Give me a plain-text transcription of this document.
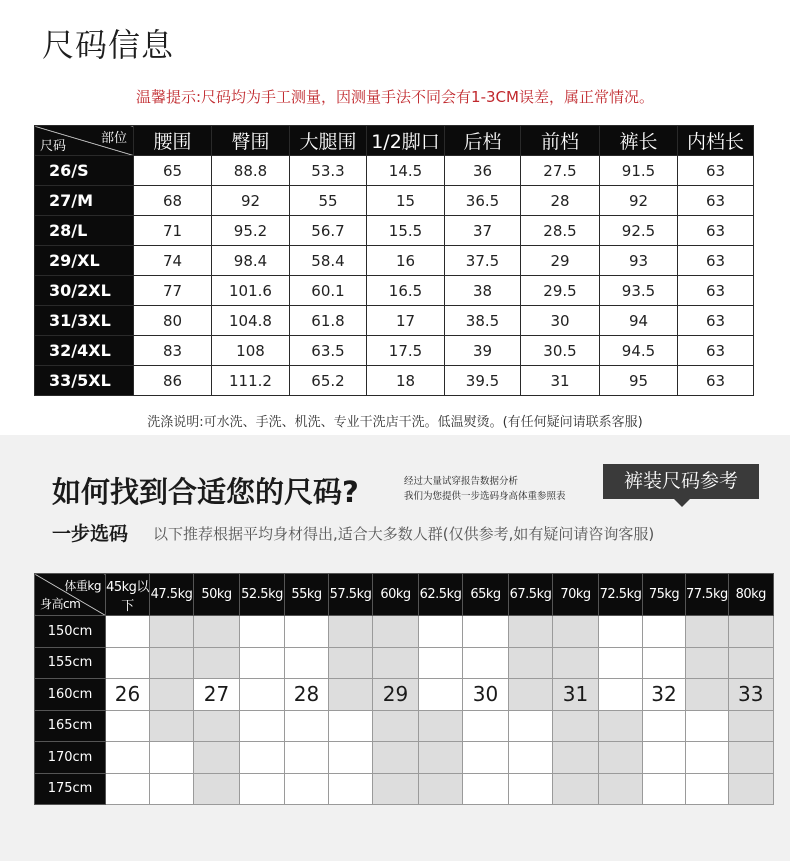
尺码信息
温馨提示:尺码均为手工测量，因测量手法不同会有1-3CM误差，属正常情况。
部位
尺码	腰围	臀围	大腿围	1/2脚口	后档	前档	裤长	内档长
26/S	65	88.8	53.3	14.5	36	27.5	91.5	63
27/M	68	92	55	15	36.5	28	92	63
28/L	71	95.2	56.7	15.5	37	28.5	92.5	63
29/XL	74	98.4	58.4	16	37.5	29	93	63
30/2XL	77	101.6	60.1	16.5	38	29.5	93.5	63
31/3XL	80	104.8	61.8	17	38.5	30	94	63
32/4XL	83	108	63.5	17.5	39	30.5	94.5	63
33/5XL	86	111.2	65.2	18	39.5	31	95	63
洗涤说明:可水洗、手洗、机洗、专业干洗店干洗。低温熨烫。(有任何疑问请联系客服)
如何找到合适您的尺码?	经过大量试穿报告数据分析
我们为您提供一步选码身高体重参照表
裤装尺码参考
一步选码 以下推荐根据平均身材得出,适合大多数人群(仅供参考,如有疑问请咨询客服)
体重kg
身高cm	45kg以下	47.5kg	50kg	52.5kg	55kg	57.5kg	60kg	62.5kg	65kg	67.5kg	70kg	72.5kg	75kg	77.5kg	80kg
150cm															
155cm															
160cm	26		27		28		29		30		31		32		33
165cm															
170cm															
175cm															
